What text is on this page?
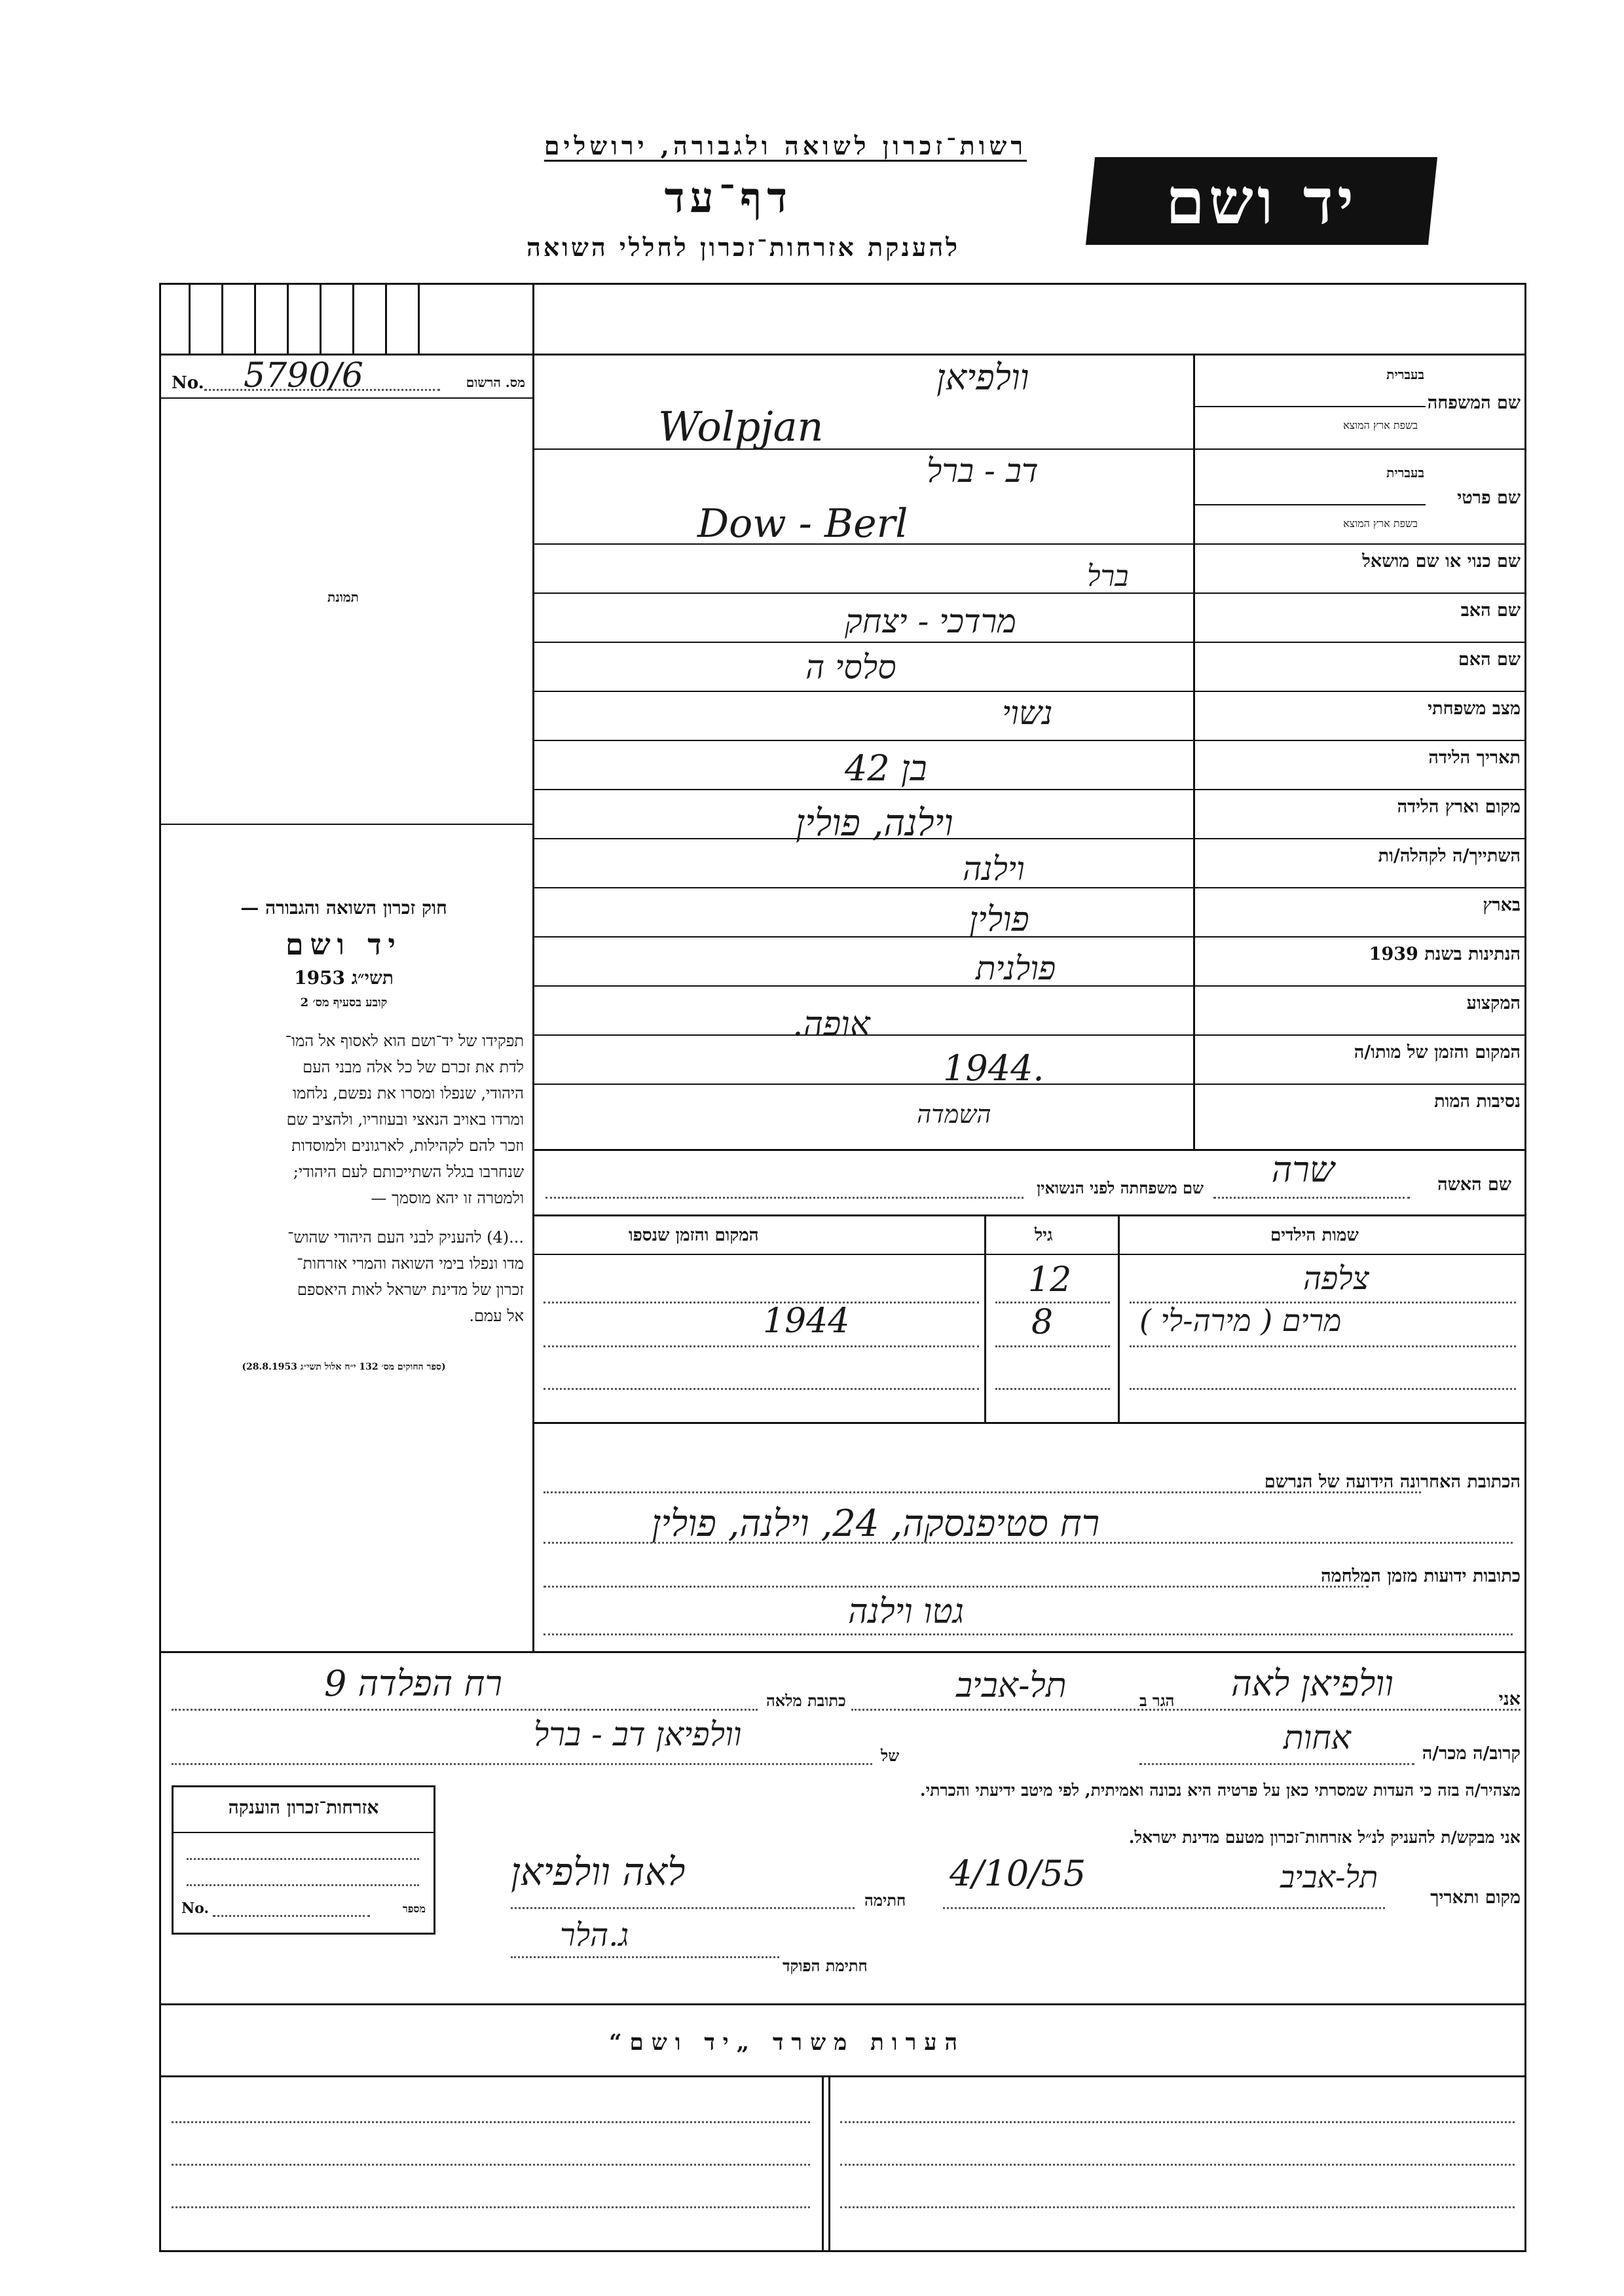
רשות־זכרון לשואה ולגבורה, ירושלים
דף־עד
להענקת אזרחות־זכרון לחללי השואה
יד ושם
No. 5790/6	מס. הרשום
תמונת
שם המשפחה
בעברית
בשפת ארץ המוצא
וולפיאן
Wolpjan
שם פרטי
בעברית
בשפת ארץ המוצא
דב - ברל
Dow - Berl
שם כנוי או שם מושאל
ברל
שם האב
מרדכי - יצחק
שם האם
סלסי ה
מצב משפחתי
נשוי
תאריך הלידה
בן 42
מקום וארץ הלידה
וילנה, פולין
השתייך/ה לקהלה/ות
וילנה
בארץ
פולין
הנתינות בשנת 1939
פולנית
המקצוע
אופה.
המקום והזמן של מותו/ה
1944.
נסיבות המות
השמדה
חוק זכרון השואה והגבורה —
יד ושם
תשי״ג 1953
קובע בסעיף מס׳ 2
תפקידו של יד־ושם הוא לאסוף אל המו־
לדת את זכרם של כל אלה מבני העם
היהודי, שנפלו ומסרו את נפשם, נלחמו
ומרדו באויב הנאצי ובעוזריו, ולהציב שם
וזכר להם לקהילות, לארגונים ולמוסדות
שנחרבו בגלל השתייכותם לעם היהודי;
ולמטרה זו יהא מוסמך —
...(4) להעניק לבני העם היהודי שהוש־
מדו ונפלו בימי השואה והמרי אזרחות־
זכרון של מדינת ישראל לאות היאספם
אל עמם.
(ספר החוקים מס׳ 132 י״ח אלול תשי״ג 28.8.1953)
שם האשה
שרה
שם משפחתה לפני הנשואין
שמות הילדים
גיל
המקום והזמן שנספו
צלפה
12
מרים ( מירה-לי )
8
1944
הכתובת האחרונה הידועה של הנרשם
רח סטיפנסקה, 24, וילנה, פולין
כתובות ידועות מזמן המלחמה
גטו וילנה
אני
וולפיאן לאה
הגר ב
תל-אביב
כתובת מלאה
רח הפלדה 9
קרוב/ה מכר/ה
אחות
של
וולפיאן דב - ברל
מצהיר/ה בזה כי העדות שמסרתי כאן על פרטיה היא נכונה ואמיתית, לפי מיטב ידיעתי והכרתי.
אני מבקש/ת להעניק לנ״ל אזרחות־זכרון מטעם מדינת ישראל.
מקום ותאריך
תל-אביב
4/10/55
חתימה
לאה וולפיאן
ג.הלר
חתימת הפוקד
אזרחות־זכרון הוענקה
No.	מספר
הערות משרד „יד ושם“
